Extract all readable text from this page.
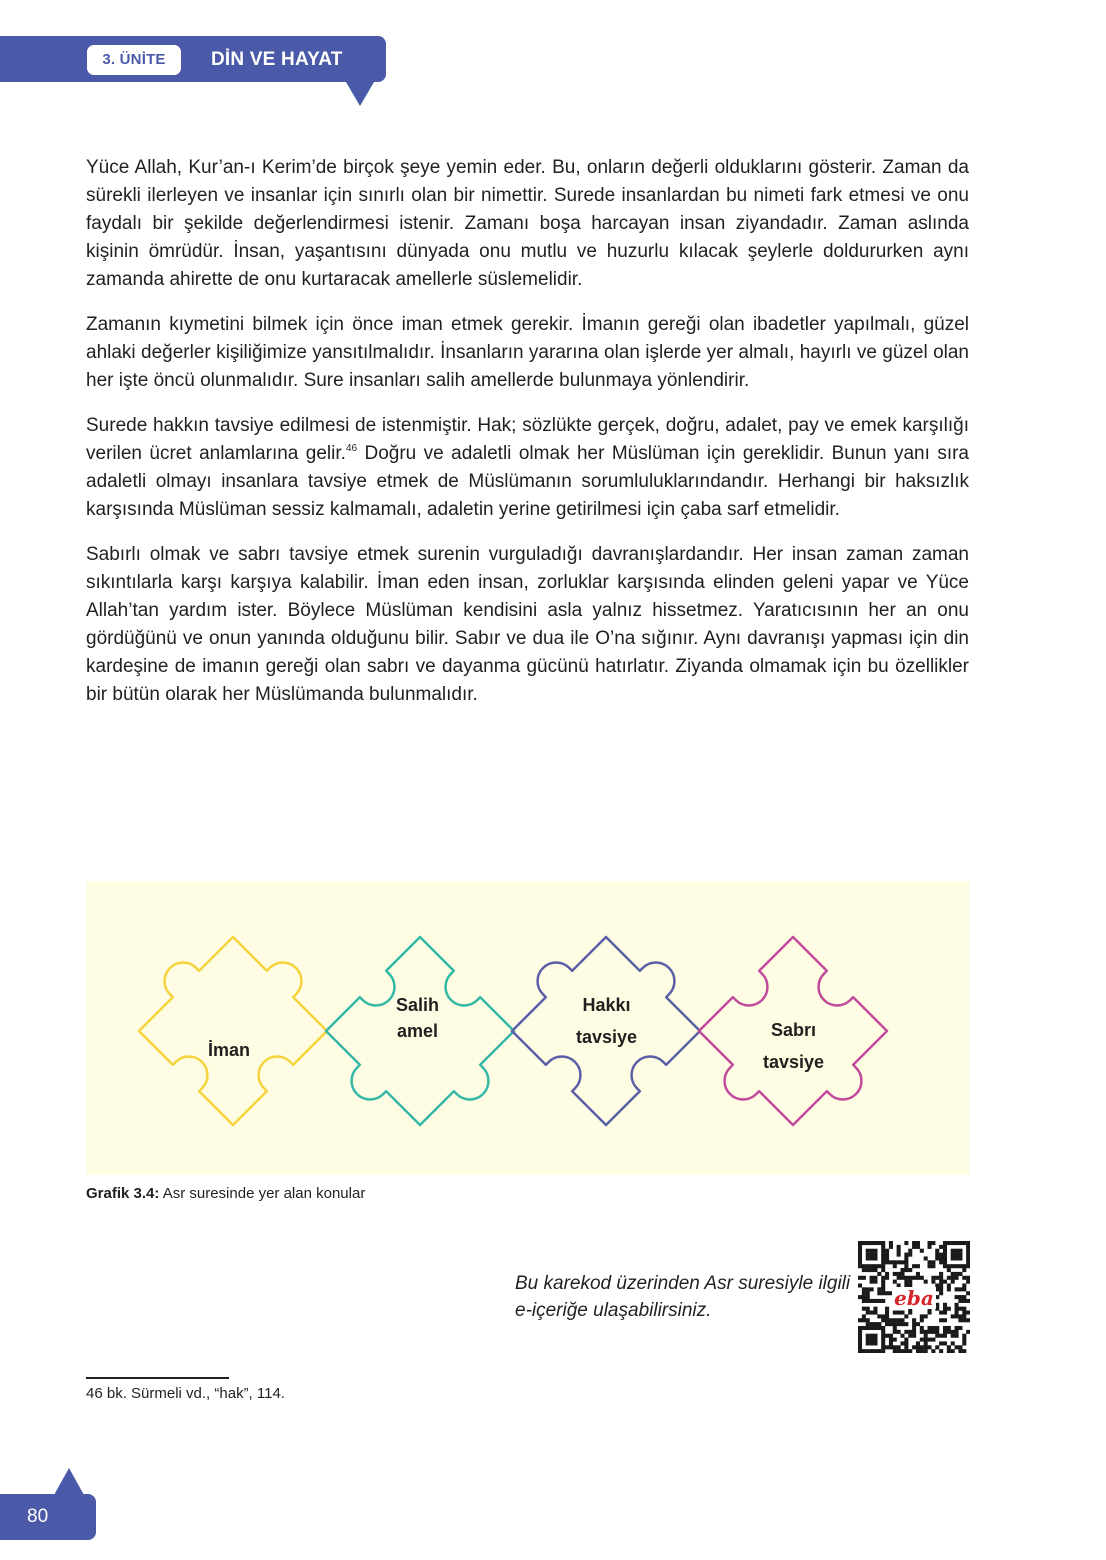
3. ÜNİTE	DİN VE HAYAT

Yüce Allah, Kur’an-ı Kerim’de birçok şeye yemin eder. Bu, onların değerli olduklarını gösterir. Zaman da sürekli ilerleyen ve insanlar için sınırlı olan bir nimettir. Surede insanlardan bu nimeti fark etmesi ve onu faydalı bir şekilde değerlendirmesi istenir. Zamanı boşa harcayan insan ziyandadır. Zaman aslında kişinin ömrüdür. İnsan, yaşantısını dünyada onu mutlu ve huzurlu kılacak şeylerle doldururken aynı zamanda ahirette de onu kurtaracak amellerle süslemelidir.

Zamanın kıymetini bilmek için önce iman etmek gerekir. İmanın gereği olan ibadetler yapılmalı, güzel ahlaki değerler kişiliğimize yansıtılmalıdır. İnsanların yararına olan işlerde yer almalı, hayırlı ve güzel olan her işte öncü olunmalıdır. Sure insanları salih amellerde bulunmaya yönlendirir.

Surede hakkın tavsiye edilmesi de istenmiştir. Hak; sözlükte gerçek, doğru, adalet, pay ve emek karşılığı verilen ücret anlamlarına gelir.$^{46}$ Doğru ve adaletli olmak her Müslüman için gereklidir. Bunun yanı sıra adaletli olmayı insanlara tavsiye etmek de Müslümanın sorumluluklarındandır. Herhangi bir haksızlık karşısında Müslüman sessiz kalmamalı, adaletin yerine getirilmesi için çaba sarf etmelidir.

Sabırlı olmak ve sabrı tavsiye etmek surenin vurguladığı davranışlardandır. Her insan zaman zaman sıkıntılarla karşı karşıya kalabilir. İman eden insan, zorluklar karşısında elinden geleni yapar ve Yüce Allah’tan yardım ister. Böylece Müslüman kendisini asla yalnız hissetmez. Yaratıcısının her an onu gördüğünü ve onun yanında olduğunu bilir. Sabır ve dua ile O’na sığınır. Aynı davranışı yapması için din kardeşine de imanın gereği olan sabrı ve dayanma gücünü hatırlatır. Ziyanda olmamak için bu özellikler bir bütün olarak her Müslümanda bulunmalıdır.

İman
Salih
amel
Hakkı
tavsiye	Sabrı
tavsiye
Grafik 3.4: Asr suresinde yer alan konular
Bu karekod üzerinden Asr suresiyle ilgili e-içeriğe ulaşabilirsiniz.
eba
46 bk. Sürmeli vd., “hak”, 114.
80
